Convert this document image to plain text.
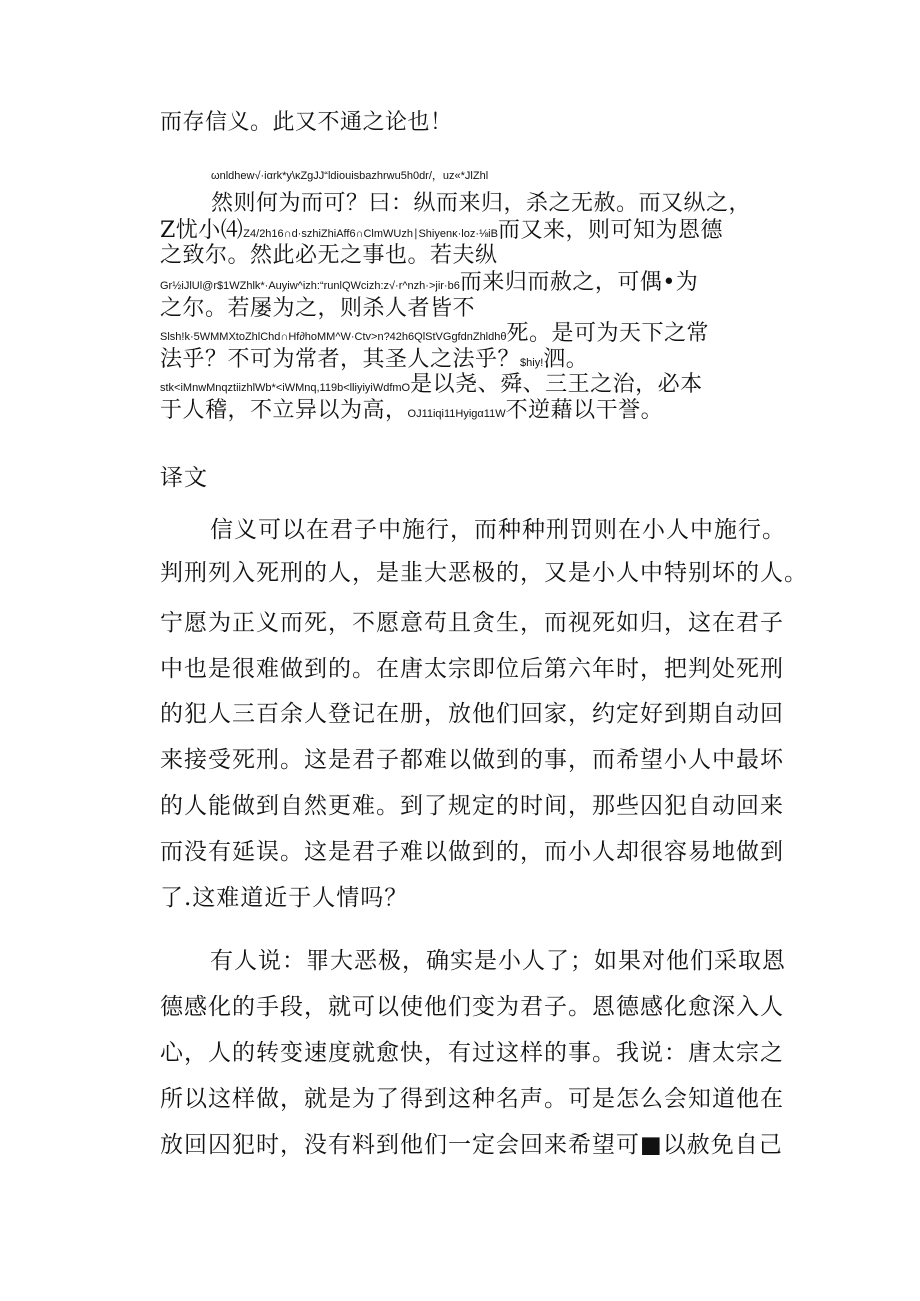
而存信义。此又不通之论也！
ωnldhew√·iαrk*y\κZgJJ“ldiouisbazhrwu5h0dr/，uz«*JlZhl
然则何为而可？曰：纵而来归，杀之无赦。而又纵之，
Z忧小⑷Z4/2h16∩d·szhiZhiAff6∩ClmWUzh∣Shiyenκ·loz·⅛iB而又来，则可知为恩德
之致尔。然此必无之事也。若夫纵
Gr½iJlUl@r$1WZhlk*·Auyiw^izh:“runlQWcizh:z√·r^nzh·>jir·b6而来归而赦之，可偶•为
之尔。若屡为之，则杀人者皆不
Slsh!k·5WMMXtoZhlChd∩Hf∂hoMM^W·Ctv>n?42h6QlStVGgfdnZhldhθ死。是可为天下之常
法乎？不可为常者，其圣人之法乎？$hiy!泗。
stk<iMnwMnqztiizhlWb*<iWMnq,119b<lliyiyiWdfmO是以尧、舜、三王之治，必本
于人稽，不立异以为高，OJ11iqi11Hyigα11W不逆藉以干誉。
译文
信义可以在君子中施行，而种种刑罚则在小人中施行。
判刑列入死刑的人，是韭大恶极的，又是小人中特别坏的人。
宁愿为正义而死，不愿意苟且贪生，而视死如归，这在君子
中也是很难做到的。在唐太宗即位后第六年时，把判处死刑
的犯人三百余人登记在册，放他们回家，约定好到期自动回
来接受死刑。这是君子都难以做到的事，而希望小人中最坏
的人能做到自然更难。到了规定的时间，那些囚犯自动回来
而没有延误。这是君子难以做到的，而小人却很容易地做到
了.这难道近于人情吗？
有人说：罪大恶极，确实是小人了；如果对他们采取恩
德感化的手段，就可以使他们变为君子。恩德感化愈深入人
心，人的转变速度就愈快，有过这样的事。我说：唐太宗之
所以这样做，就是为了得到这种名声。可是怎么会知道他在
放回囚犯时，没有料到他们一定会回来希望可■以赦免自己
